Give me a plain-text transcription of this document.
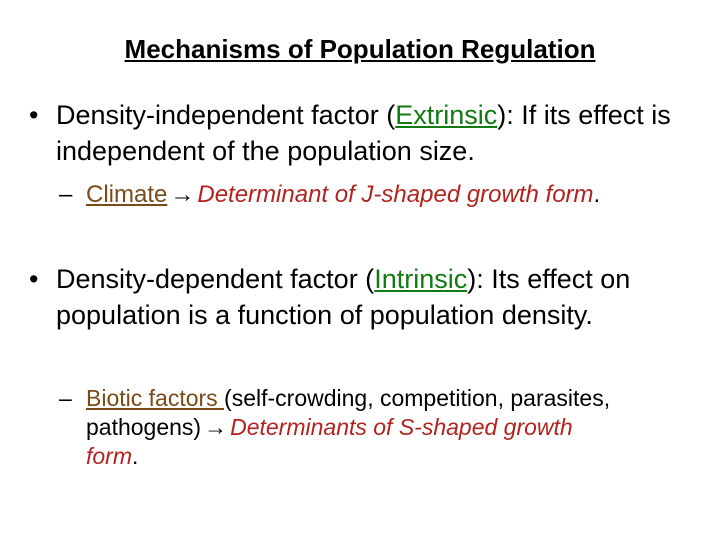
Mechanisms of Population Regulation
• Density-independent factor (Extrinsic): If its effect is independent of the population size.
– Climate → Determinant of J-shaped growth form.
• Density-dependent factor (Intrinsic): Its effect on population is a function of population density.
– Biotic factors (self-crowding, competition, parasites, pathogens) → Determinants of S-shaped growth form.
